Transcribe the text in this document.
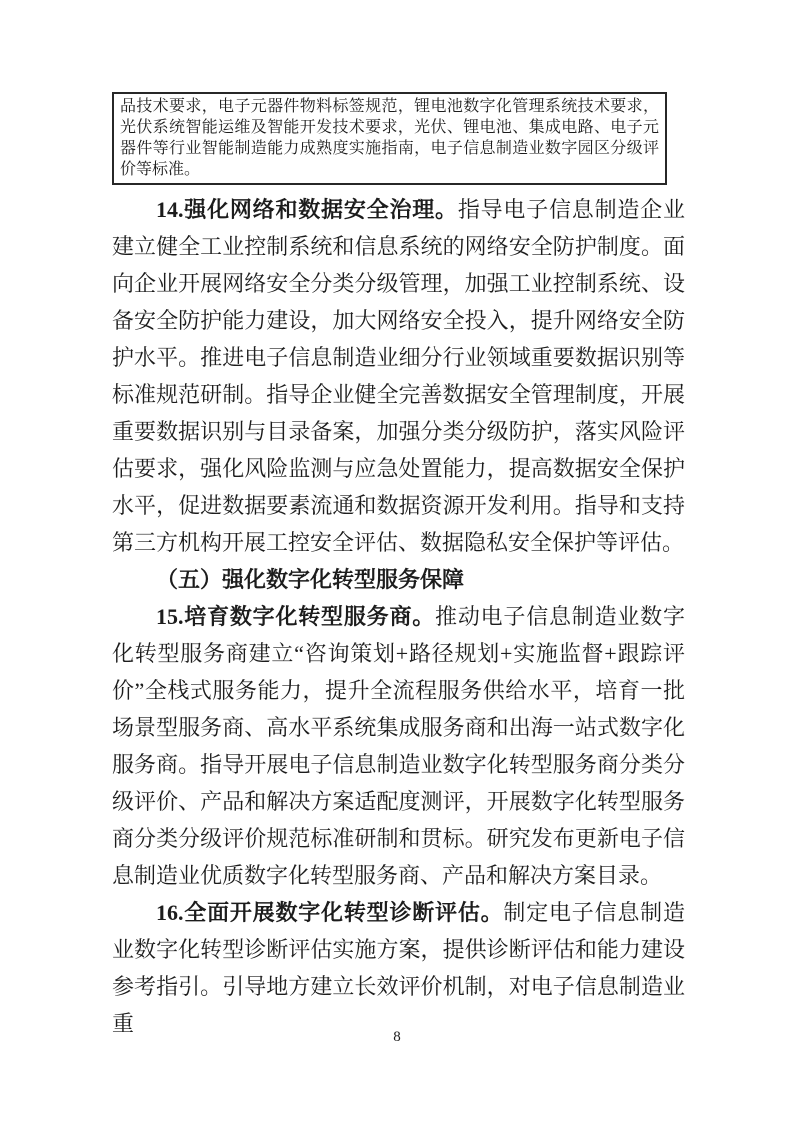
品技术要求，电子元器件物料标签规范，锂电池数字化管理系统技术要求，光伏系统智能运维及智能开发技术要求，光伏、锂电池、集成电路、电子元器件等行业智能制造能力成熟度实施指南，电子信息制造业数字园区分级评价等标准。

14.强化网络和数据安全治理。指导电子信息制造企业建立健全工业控制系统和信息系统的网络安全防护制度。面向企业开展网络安全分类分级管理，加强工业控制系统、设备安全防护能力建设，加大网络安全投入，提升网络安全防护水平。推进电子信息制造业细分行业领域重要数据识别等标准规范研制。指导企业健全完善数据安全管理制度，开展重要数据识别与目录备案，加强分类分级防护，落实风险评估要求，强化风险监测与应急处置能力，提高数据安全保护水平，促进数据要素流通和数据资源开发利用。指导和支持第三方机构开展工控安全评估、数据隐私安全保护等评估。

（五）强化数字化转型服务保障

15.培育数字化转型服务商。推动电子信息制造业数字化转型服务商建立“咨询策划+路径规划+实施监督+跟踪评价”全栈式服务能力，提升全流程服务供给水平，培育一批场景型服务商、高水平系统集成服务商和出海一站式数字化服务商。指导开展电子信息制造业数字化转型服务商分类分级评价、产品和解决方案适配度测评，开展数字化转型服务商分类分级评价规范标准研制和贯标。研究发布更新电子信息制造业优质数字化转型服务商、产品和解决方案目录。

16.全面开展数字化转型诊断评估。制定电子信息制造业数字化转型诊断评估实施方案，提供诊断评估和能力建设参考指引。引导地方建立长效评价机制，对电子信息制造业重

8
